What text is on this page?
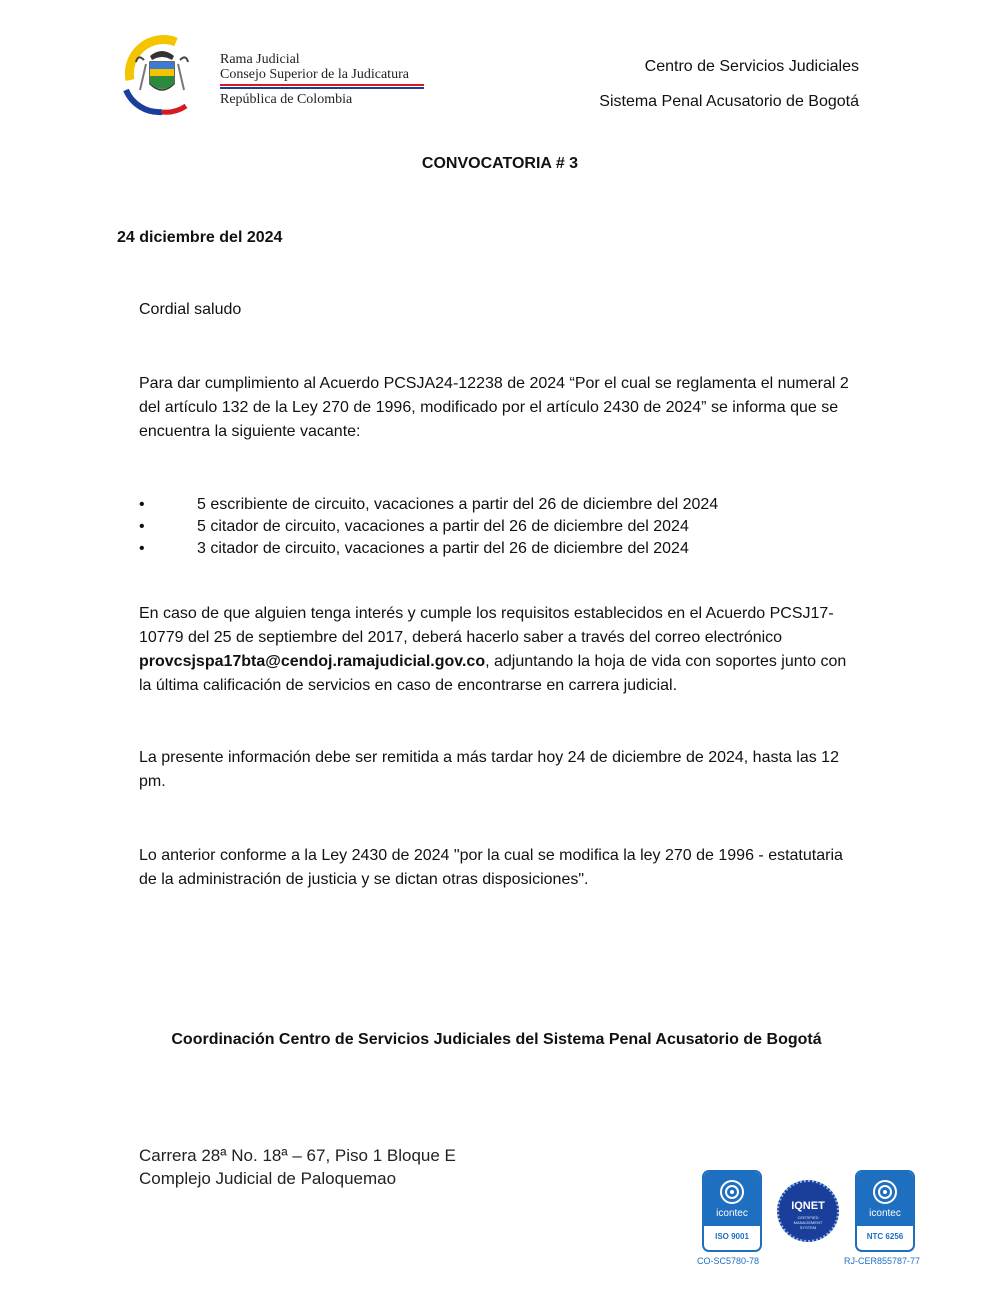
Rama Judicial
Consejo Superior de la Judicatura
República de Colombia
Centro de Servicios Judiciales
Sistema Penal Acusatorio de Bogotá
CONVOCATORIA # 3
24 diciembre del 2024
Cordial saludo
Para dar cumplimiento al Acuerdo PCSJA24-12238 de 2024 “Por el cual se reglamenta el numeral 2 del artículo 132 de la Ley 270 de 1996, modificado por el artículo 2430 de 2024” se informa que se encuentra la siguiente vacante:
•	5 escribiente de circuito, vacaciones a partir del 26 de diciembre del 2024
•	5 citador de circuito, vacaciones a partir del 26 de diciembre del 2024
•	3 citador de circuito, vacaciones a partir del 26 de diciembre del 2024
En caso de que alguien tenga interés y cumple los requisitos establecidos en el Acuerdo PCSJ17-10779 del 25 de septiembre del 2017, deberá hacerlo saber a través del correo electrónico provcsjspa17bta@cendoj.ramajudicial.gov.co, adjuntando la hoja de vida con soportes junto con la última calificación de servicios en caso de encontrarse en carrera judicial.
La presente información debe ser remitida a más tardar hoy 24 de diciembre de 2024, hasta las 12 pm.
Lo anterior conforme a la Ley 2430 de 2024 "por la cual se modifica la ley 270 de 1996 - estatutaria de la administración de justicia y se dictan otras disposiciones".
Coordinación Centro de Servicios Judiciales del Sistema Penal Acusatorio de Bogotá
Carrera 28ª No. 18ª – 67, Piso 1 Bloque E
Complejo Judicial de Paloquemao
icontec
ISO 9001
IQNET
CERTIFIED MANAGEMENT SYSTEM
icontec
NTC 6256
CO-SC5780-78	RJ-CER855787-77
